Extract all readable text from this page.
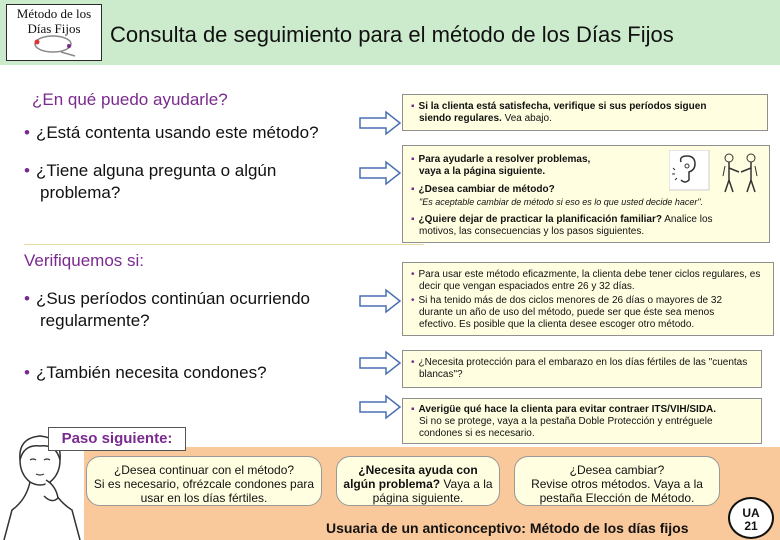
Método de los
Días Fijos	Consulta de seguimiento para el método de los Días Fijos
¿En qué puedo ayudarle?
• ¿Está contenta usando este método?
• ¿Tiene alguna pregunta o algún
problema?
Verifiquemos si:
• ¿Sus períodos continúan ocurriendo
regularmente?
• ¿También necesita condones?
▪ Si la clienta está satisfecha, verifique si sus períodos siguen
siendo regulares. Vea abajo.
▪ Para ayudarle a resolver problemas,
vaya a la página siguiente.
▪ ¿Desea cambiar de método?
"Es aceptable cambiar de método si eso es lo que usted decide hacer".
▪ ¿Quiere dejar de practicar la planificación familiar? Analice los
motivos, las consecuencias y los pasos siguientes.
• Para usar este método eficazmente, la clienta debe tener ciclos regulares, es
decir que vengan espaciados entre 26 y 32 días.
• Si ha tenido más de dos ciclos menores de 26 días o mayores de 32
durante un año de uso del método, puede ser que éste sea menos
efectivo. Es posible que la clienta desee escoger otro método.
• ¿Necesita protección para el embarazo en los días fértiles de las "cuentas
blancas"?
▪ Averigüe qué hace la clienta para evitar contraer ITS/VIH/SIDA.
Si no se protege, vaya a la pestaña Doble Protección y entréguele
condones si es necesario.
Paso siguiente:
¿Desea continuar con el método?
Si es necesario, ofrézcale condones para
usar en los días fértiles.
¿Necesita ayuda con
algún problema? Vaya a la
página siguiente.
¿Desea cambiar?
Revise otros métodos. Vaya a la
pestaña Elección de Método.
Usuaria de un anticonceptivo: Método de los días fijos
UA
21
